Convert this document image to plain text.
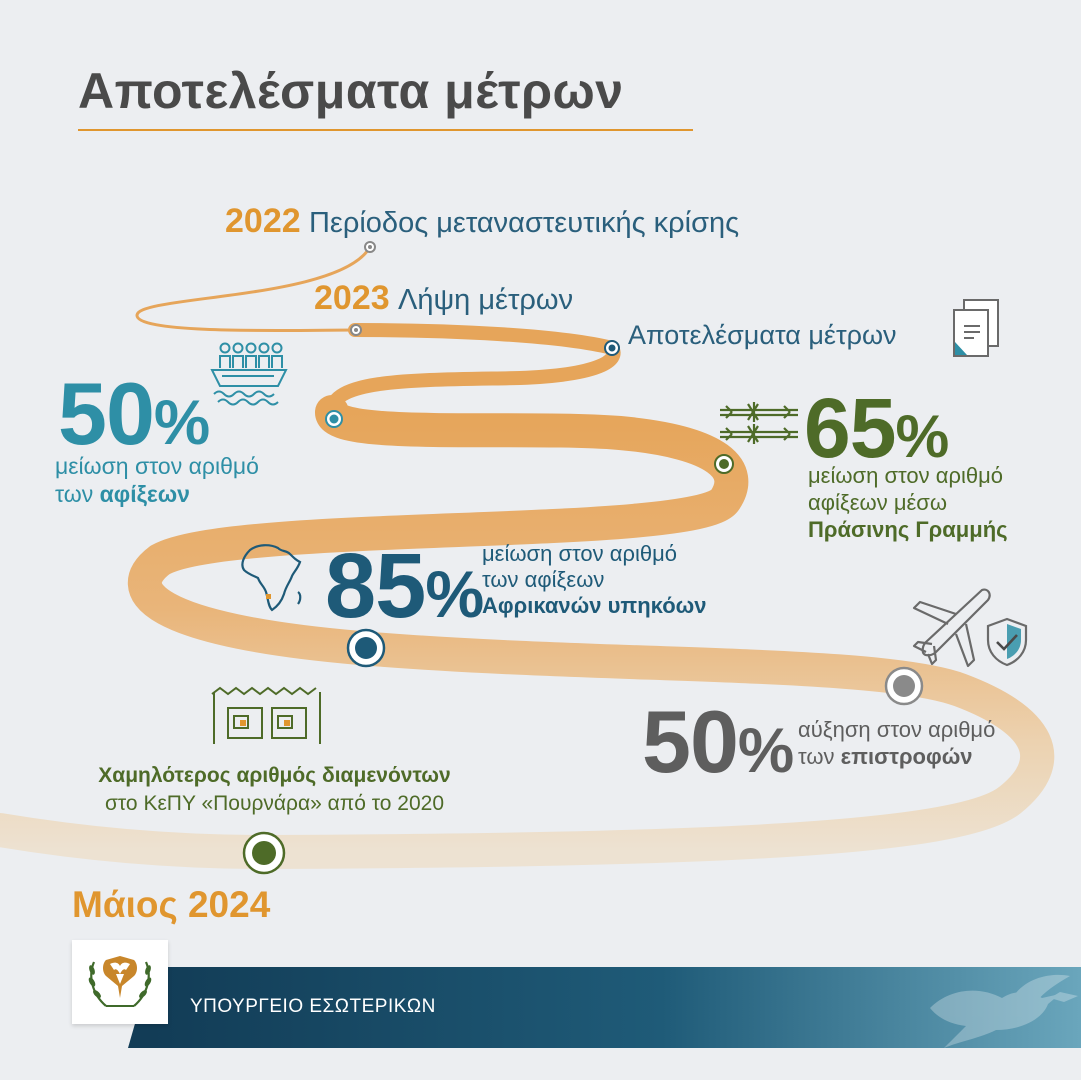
Αποτελέσματα μέτρων
2022 Περίοδος μεταναστευτικής κρίσης
2023 Λήψη μέτρων
Αποτελέσματα μέτρων
50%
μείωση στον αριθμό
των αφίξεων
65%
μείωση στον αριθμό
αφίξεων μέσω
Πράσινης Γραμμής
85%
μείωση στον αριθμό
των αφίξεων
Αφρικανών υπηκόων
50% αύξηση στον αριθμό
των επιστροφών
Χαμηλότερος αριθμός διαμενόντων
στο ΚεΠΥ «Πουρνάρα» από το 2020
Μάιος 2024
ΥΠΟΥΡΓΕΙΟ ΕΣΩΤΕΡΙΚΩΝ
